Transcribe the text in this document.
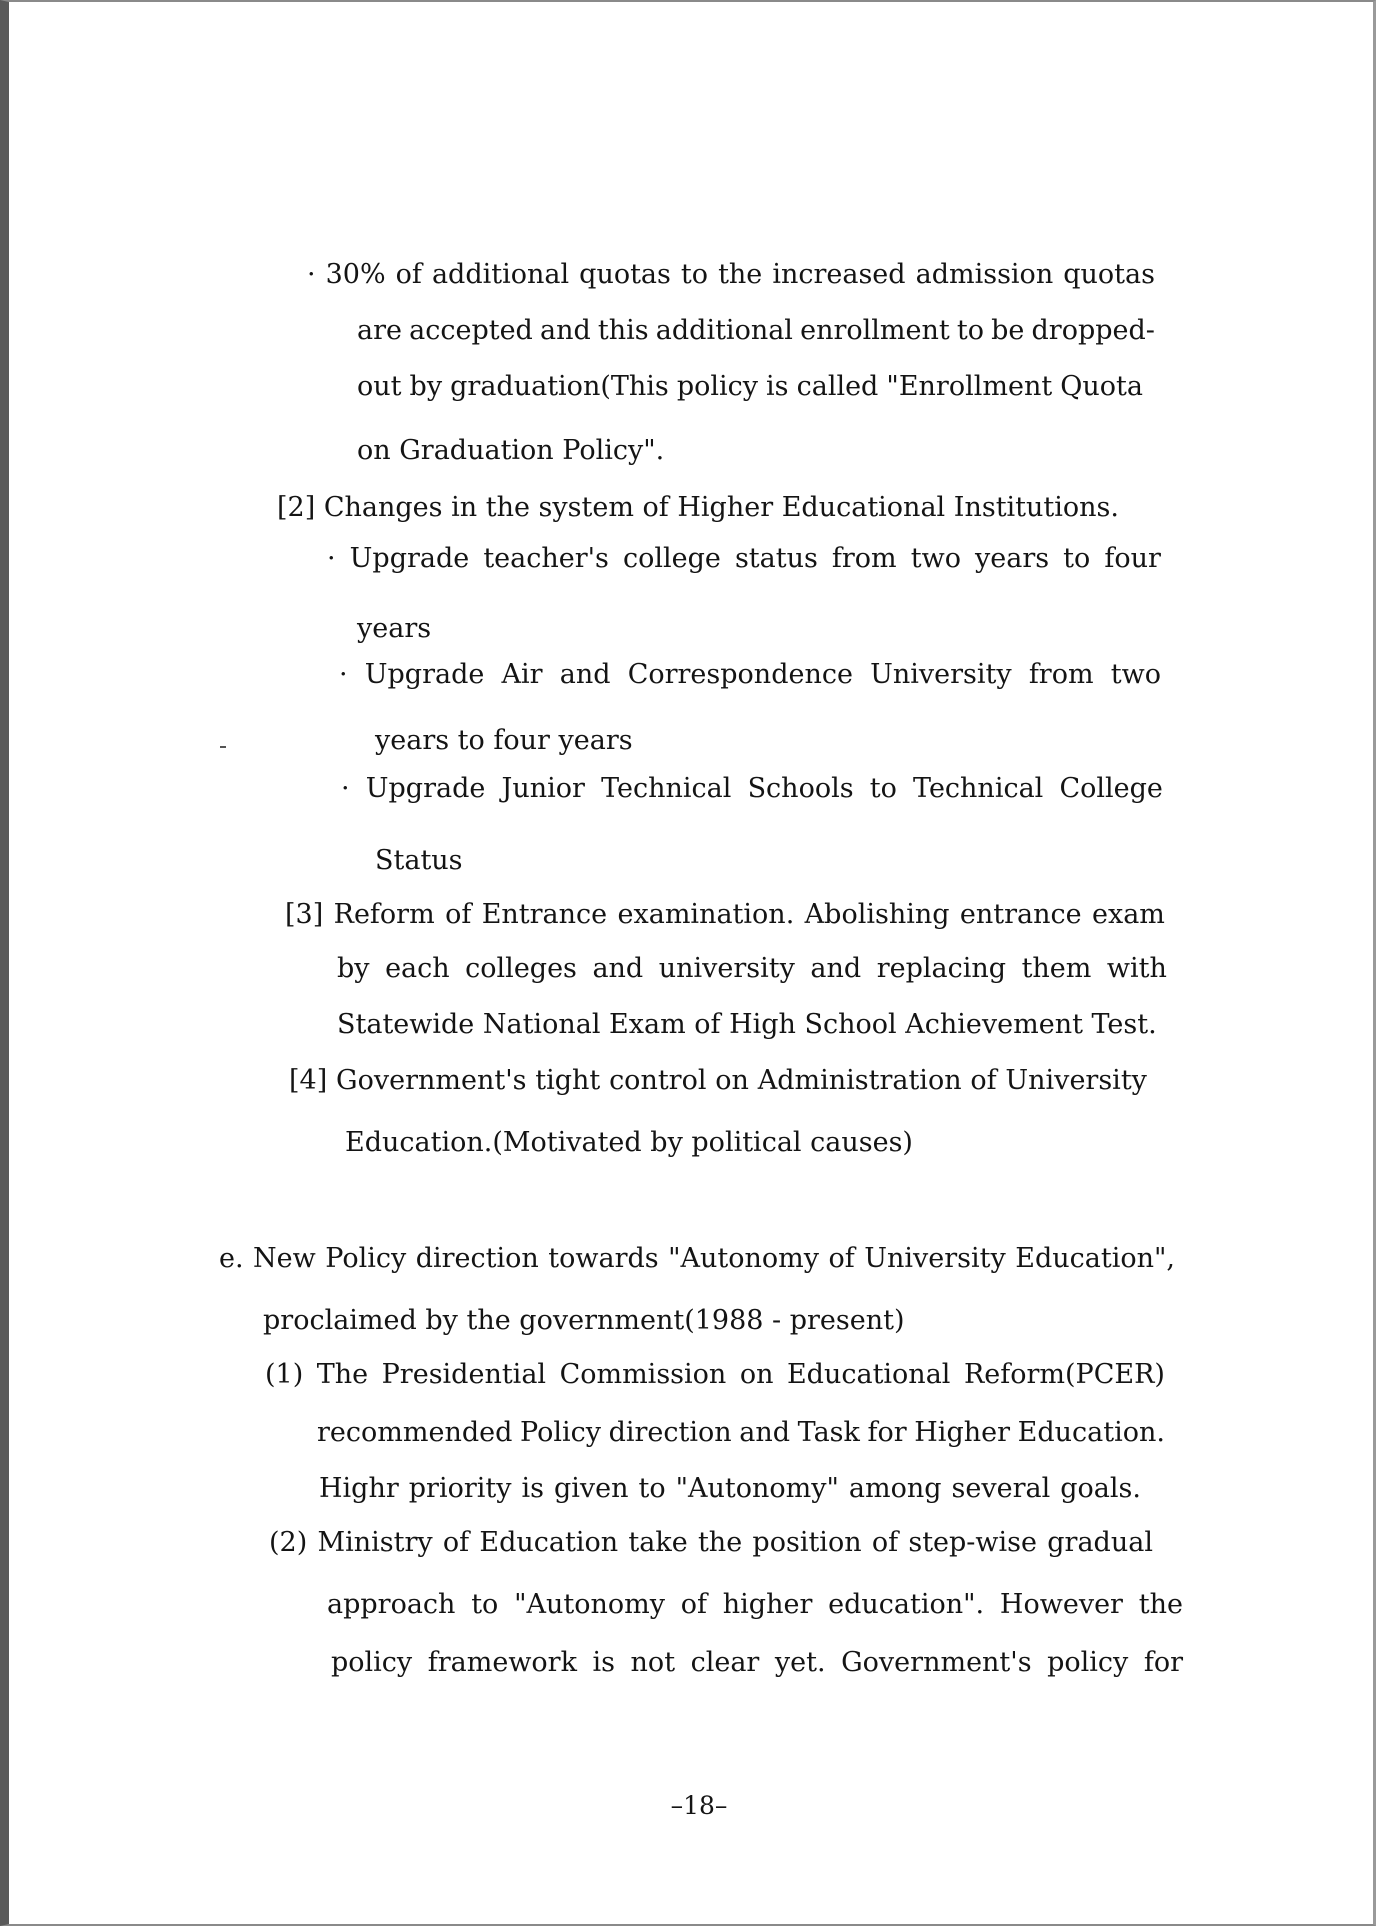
· 30% of additional quotas to the increased admission quotas
are accepted and this additional enrollment to be dropped-
out by graduation(This policy is called "Enrollment Quota
on Graduation Policy".
[2] Changes in the system of Higher Educational Institutions.
· Upgrade teacher's college status from two years to four
years
· Upgrade Air and Correspondence University from two
years to four years
· Upgrade Junior Technical Schools to Technical College
Status
[3] Reform of Entrance examination. Abolishing entrance exam
by each colleges and university and replacing them with
Statewide National Exam of High School Achievement Test.
[4] Government's tight control on Administration of University
Education.(Motivated by political causes)
e. New Policy direction towards "Autonomy of University Education",
proclaimed by the government(1988 - present)
(1) The Presidential Commission on Educational Reform(PCER)
recommended Policy direction and Task for Higher Education.
Highr priority is given to "Autonomy" among several goals.
(2) Ministry of Education take the position of step-wise gradual
approach to "Autonomy of higher education". However the
policy framework is not clear yet. Government's policy for
–18–
